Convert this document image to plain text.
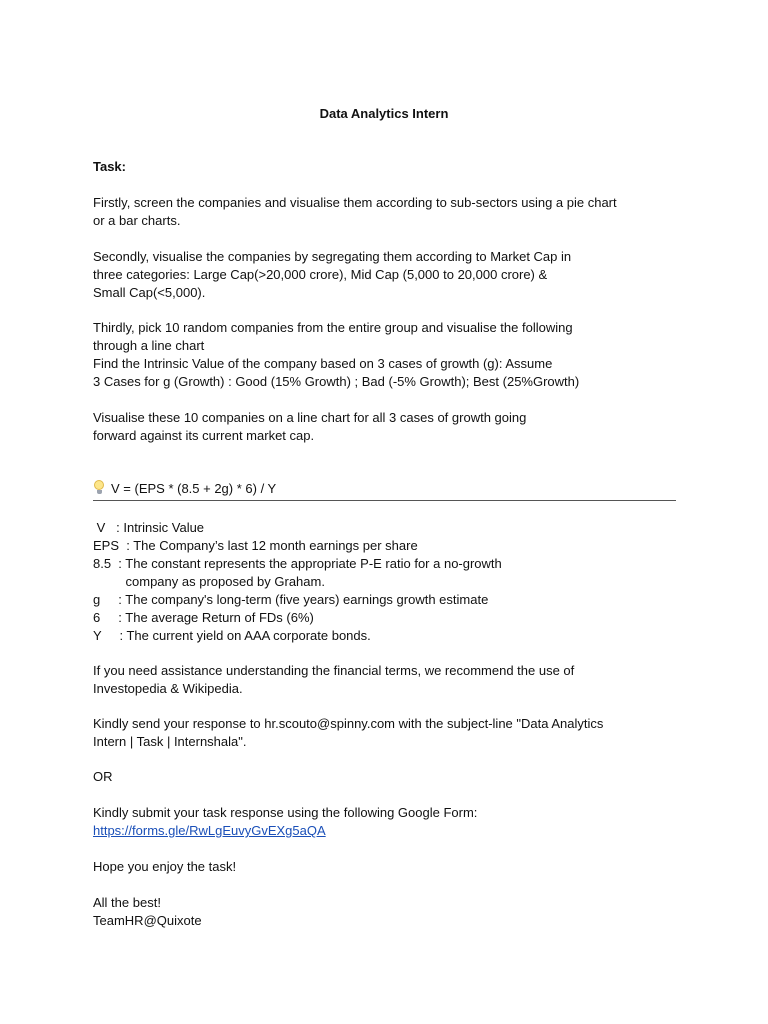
Data Analytics Intern
Task:
Firstly, screen the companies and visualise them according to sub-sectors using a pie chart
or a bar charts.
Secondly, visualise the companies by segregating them according to Market Cap in
three categories: Large Cap(>20,000 crore), Mid Cap (5,000 to 20,000 crore) &
Small Cap(<5,000).
Thirdly, pick 10 random companies from the entire group and visualise the following
through a line chart
Find the Intrinsic Value of the company based on 3 cases of growth (g): Assume
3 Cases for g (Growth) : Good (15% Growth) ; Bad (-5% Growth); Best (25%Growth)
Visualise these 10 companies on a line chart for all 3 cases of growth going
forward against its current market cap.
V = (EPS * (8.5 + 2g) * 6) / Y
V   : Intrinsic Value
EPS  : The Company’s last 12 month earnings per share
8.5  : The constant represents the appropriate P-E ratio for a no-growth
company as proposed by Graham.
g     : The company's long-term (five years) earnings growth estimate
6     : The average Return of FDs (6%)
Y     : The current yield on AAA corporate bonds.
If you need assistance understanding the financial terms, we recommend the use of
Investopedia & Wikipedia.
Kindly send your response to hr.scouto@spinny.com with the subject-line "Data Analytics
Intern | Task | Internshala".
OR
Kindly submit your task response using the following Google Form:
https://forms.gle/RwLgEuvyGvEXg5aQA
Hope you enjoy the task!
All the best!
TeamHR@Quixote
